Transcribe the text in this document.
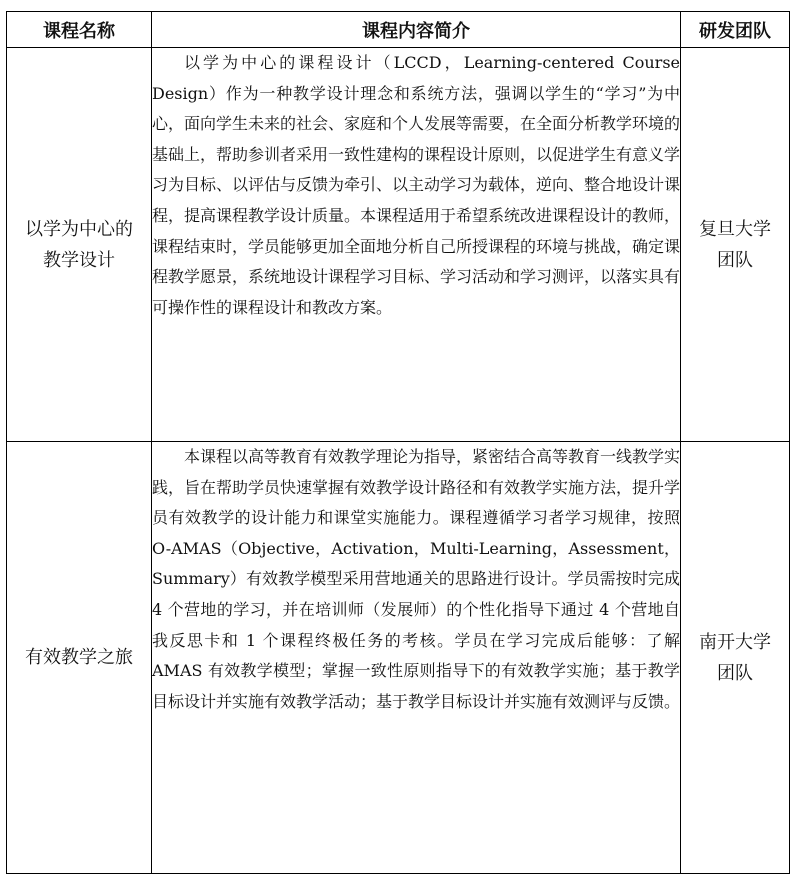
课程名称	课程内容简介	研发团队

以学为中心的教学设计	以学为中心的课程设计（LCCD，Learning-centered Course Design）作为一种教学设计理念和系统方法，强调以学生的“学习”为中心，面向学生未来的社会、家庭和个人发展等需要，在全面分析教学环境的基础上，帮助参训者采用一致性建构的课程设计原则，以促进学生有意义学习为目标、以评估与反馈为牵引、以主动学习为载体，逆向、整合地设计课程，提高课程教学设计质量。本课程适用于希望系统改进课程设计的教师，课程结束时，学员能够更加全面地分析自己所授课程的环境与挑战，确定课程教学愿景，系统地设计课程学习目标、学习活动和学习测评，以落实具有可操作性的课程设计和教改方案。	复旦大学团队

有效教学之旅	本课程以高等教育有效教学理论为指导，紧密结合高等教育一线教学实践，旨在帮助学员快速掌握有效教学设计路径和有效教学实施方法，提升学员有效教学的设计能力和课堂实施能力。课程遵循学习者学习规律，按照 O-AMAS（Objective，Activation，Multi-Learning，Assessment，Summary）有效教学模型采用营地通关的思路进行设计。学员需按时完成 4 个营地的学习，并在培训师（发展师）的个性化指导下通过 4 个营地自我反思卡和 1 个课程终极任务的考核。学员在学习完成后能够：了解 AMAS 有效教学模型；掌握一致性原则指导下的有效教学实施；基于教学目标设计并实施有效教学活动；基于教学目标设计并实施有效测评与反馈。	南开大学团队
